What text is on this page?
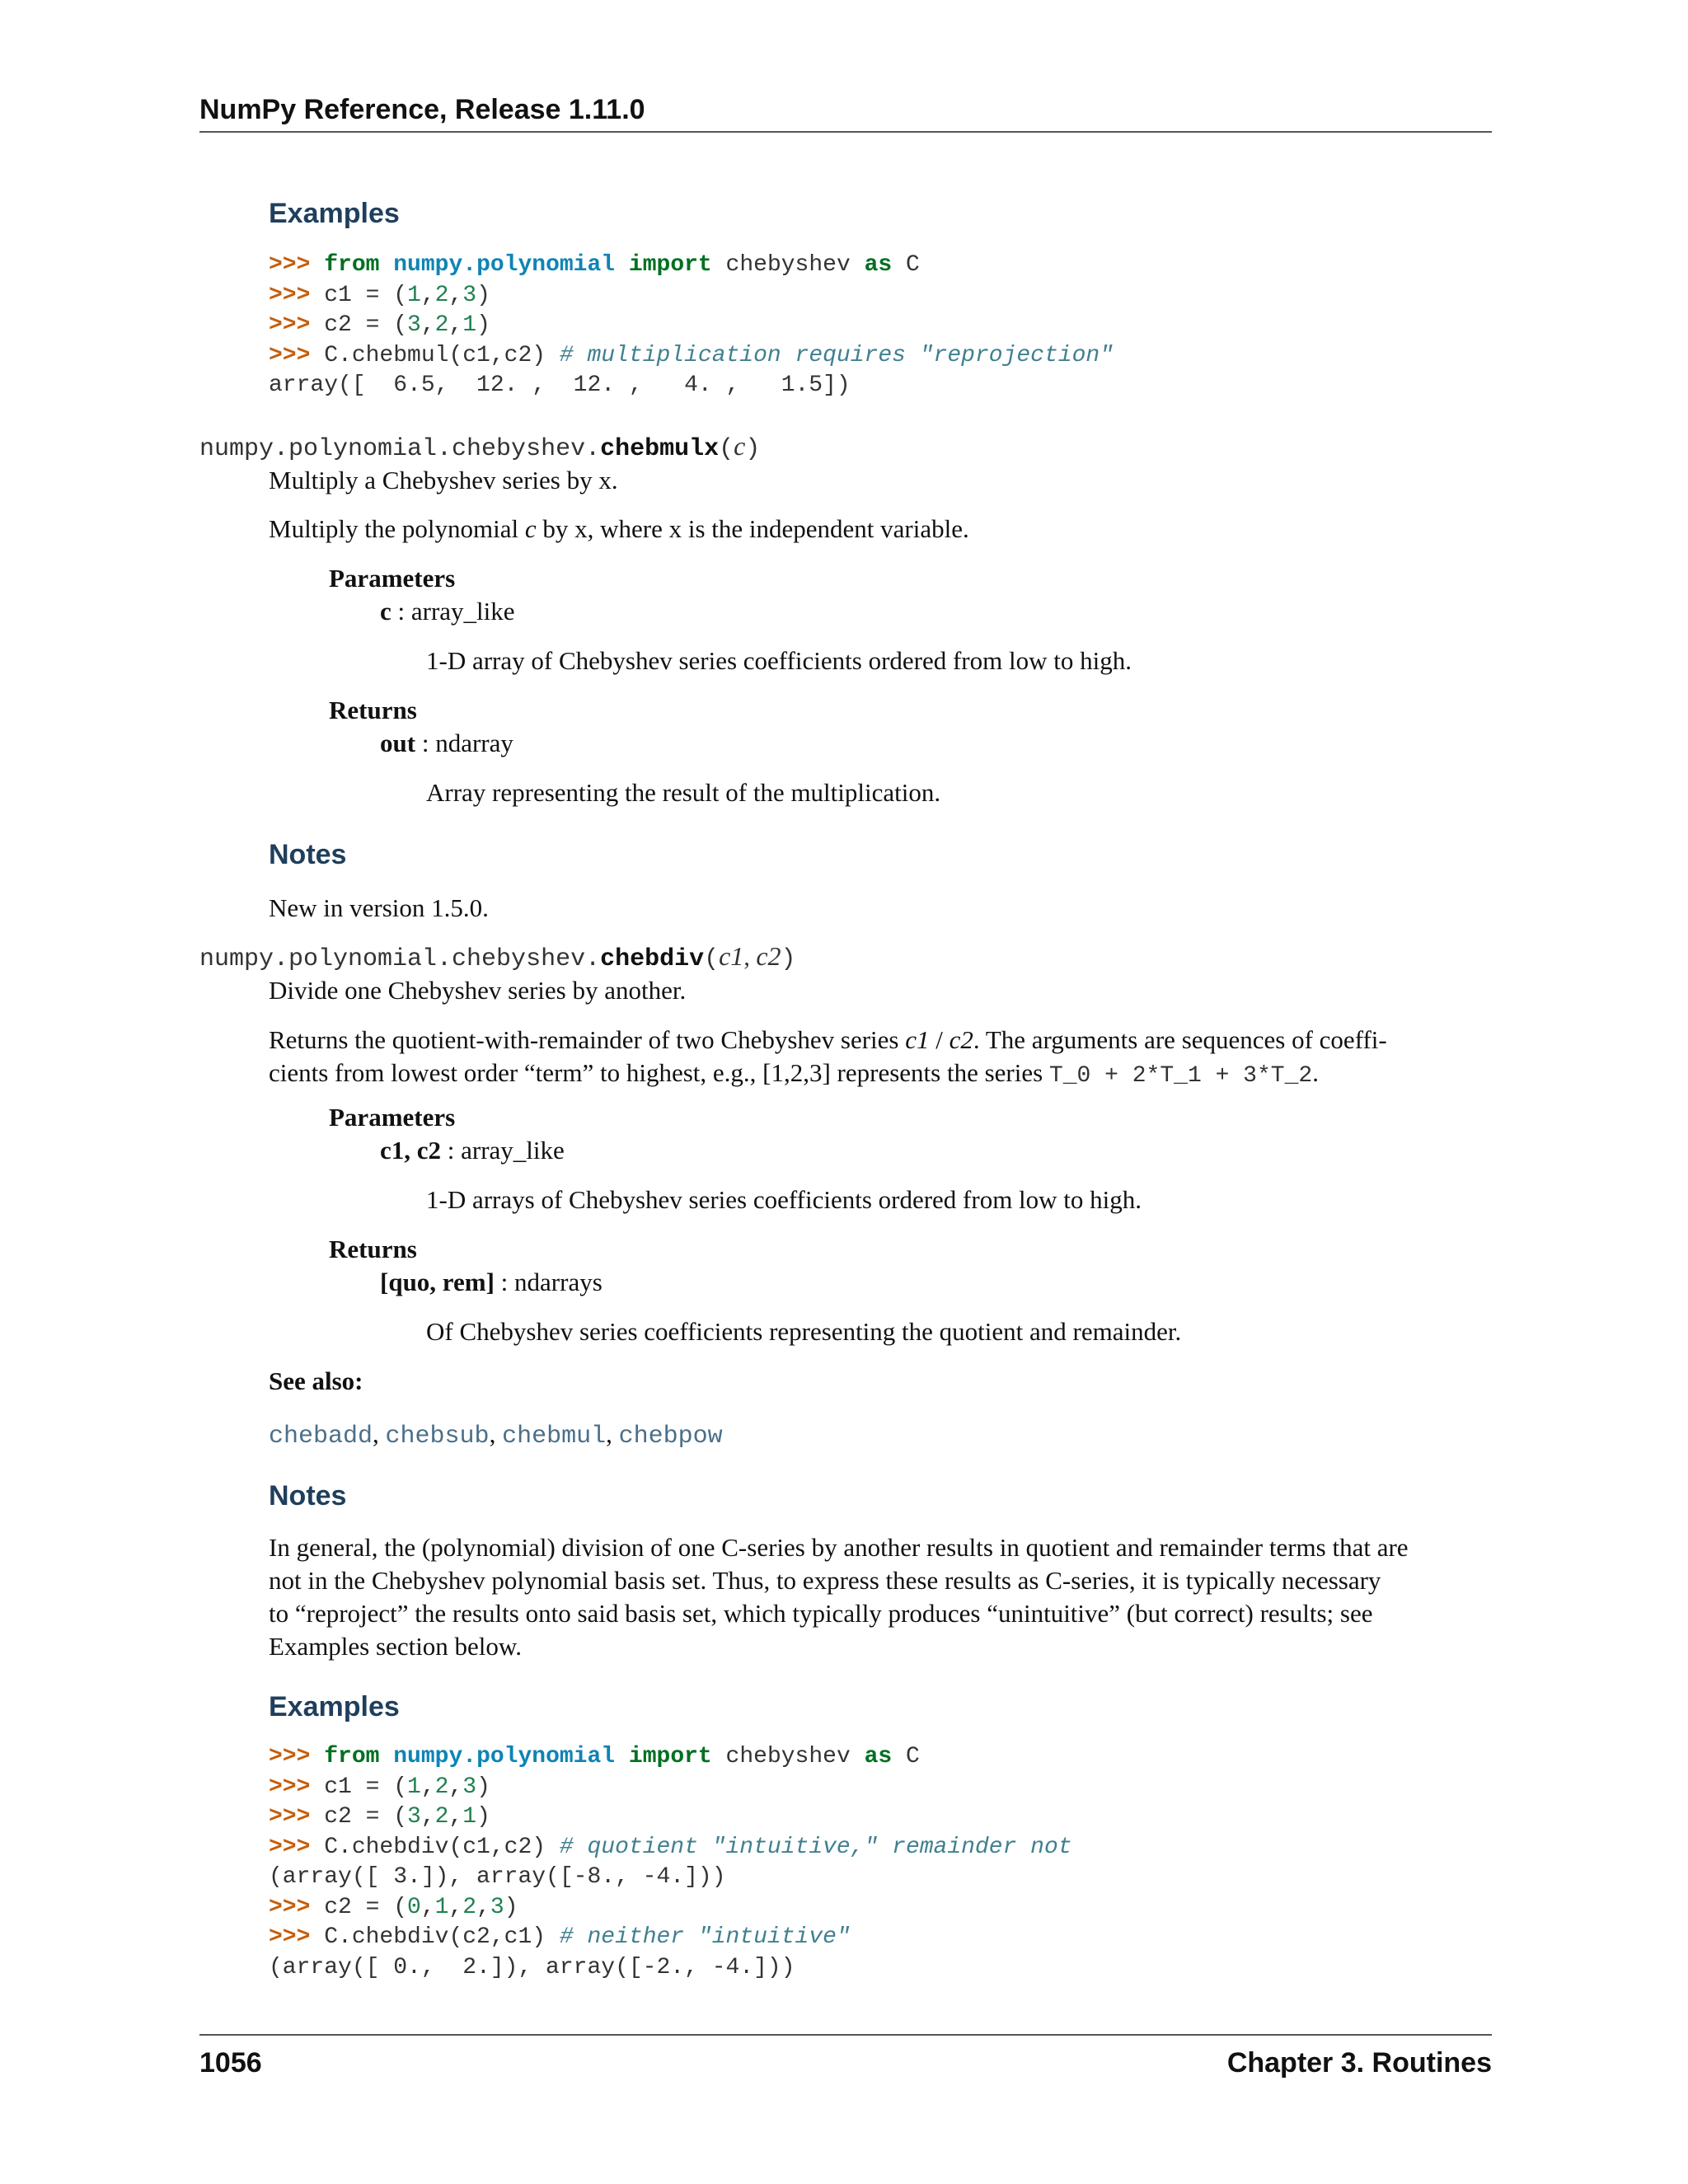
NumPy Reference, Release 1.11.0
Examples
>>> from numpy.polynomial import chebyshev as C
>>> c1 = (1,2,3)
>>> c2 = (3,2,1)
>>> C.chebmul(c1,c2) # multiplication requires "reprojection"
array([  6.5,  12. ,  12. ,   4. ,   1.5])
numpy.polynomial.chebyshev.chebmulx(c)
Multiply a Chebyshev series by x.
Multiply the polynomial c by x, where x is the independent variable.
Parameters
c : array_like
1-D array of Chebyshev series coefficients ordered from low to high.
Returns
out : ndarray
Array representing the result of the multiplication.
Notes
New in version 1.5.0.
numpy.polynomial.chebyshev.chebdiv(c1, c2)
Divide one Chebyshev series by another.
Returns the quotient-with-remainder of two Chebyshev series c1 / c2. The arguments are sequences of coeffi-
cients from lowest order “term” to highest, e.g., [1,2,3] represents the series T_0 + 2*T_1 + 3*T_2.
Parameters
c1, c2 : array_like
1-D arrays of Chebyshev series coefficients ordered from low to high.
Returns
[quo, rem] : ndarrays
Of Chebyshev series coefficients representing the quotient and remainder.
See also:
chebadd, chebsub, chebmul, chebpow
Notes
In general, the (polynomial) division of one C-series by another results in quotient and remainder terms that are
not in the Chebyshev polynomial basis set. Thus, to express these results as C-series, it is typically necessary
to “reproject” the results onto said basis set, which typically produces “unintuitive” (but correct) results; see
Examples section below.
Examples
>>> from numpy.polynomial import chebyshev as C
>>> c1 = (1,2,3)
>>> c2 = (3,2,1)
>>> C.chebdiv(c1,c2) # quotient "intuitive," remainder not
(array([ 3.]), array([-8., -4.]))
>>> c2 = (0,1,2,3)
>>> C.chebdiv(c2,c1) # neither "intuitive"
(array([ 0.,  2.]), array([-2., -4.]))
1056	Chapter 3. Routines
